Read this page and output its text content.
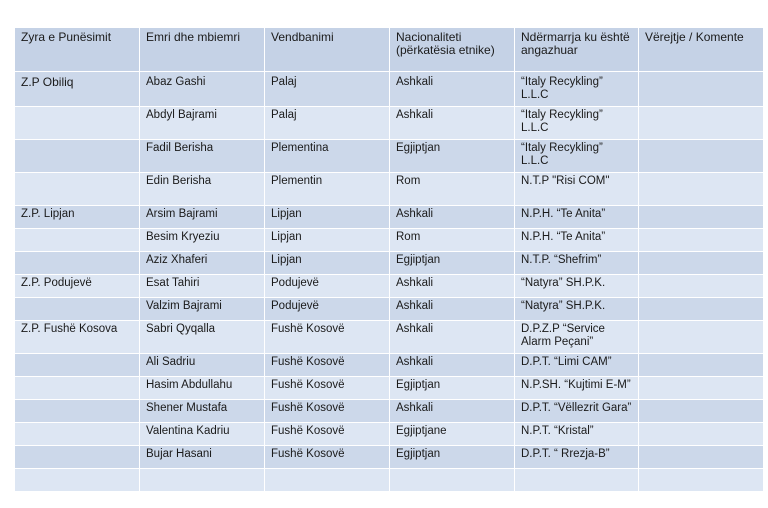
Zyra e Punësimit	Emri dhe mbiemri	Vendbanimi	Nacionaliteti (përkatësia etnike)	Ndërmarrja ku është angazhuar	Vërejtje / Komente
Z.P Obiliq	Abaz Gashi	Palaj	Ashkali	“Italy Recykling” L.L.C	
	Abdyl Bajrami	Palaj	Ashkali	“Italy Recykling” L.L.C	
	Fadil Berisha	Plementina	Egjiptjan	“Italy Recykling” L.L.C	
	Edin Berisha	Plementin	Rom	N.T.P "Risi COM"	
Z.P. Lipjan	Arsim Bajrami	Lipjan	Ashkali	N.P.H. “Te Anita”	
	Besim Kryeziu	Lipjan	Rom	N.P.H. “Te Anita”	
	Aziz Xhaferi	Lipjan	Egjiptjan	N.T.P. “Shefrim”	
Z.P. Podujevë	Esat Tahiri	Podujevë	Ashkali	“Natyra” SH.P.K.	
	Valzim Bajrami	Podujevë	Ashkali	“Natyra” SH.P.K.	
Z.P. Fushë Kosova	Sabri Qyqalla	Fushë Kosovë	Ashkali	D.P.Z.P “Service Alarm Peçani”	
	Ali Sadriu	Fushë Kosovë	Ashkali	D.P.T. “Limi CAM”	
	Hasim Abdullahu	Fushë Kosovë	Egjiptjan	N.P.SH. “Kujtimi E-M”	
	Shener Mustafa	Fushë Kosovë	Ashkali	D.P.T. “Vëllezrit Gara”	
	Valentina Kadriu	Fushë Kosovë	Egjiptjane	N.P.T. “Kristal”	
	Bujar Hasani	Fushë Kosovë	Egjiptjan	D.P.T. “ Rrezja-B”	
